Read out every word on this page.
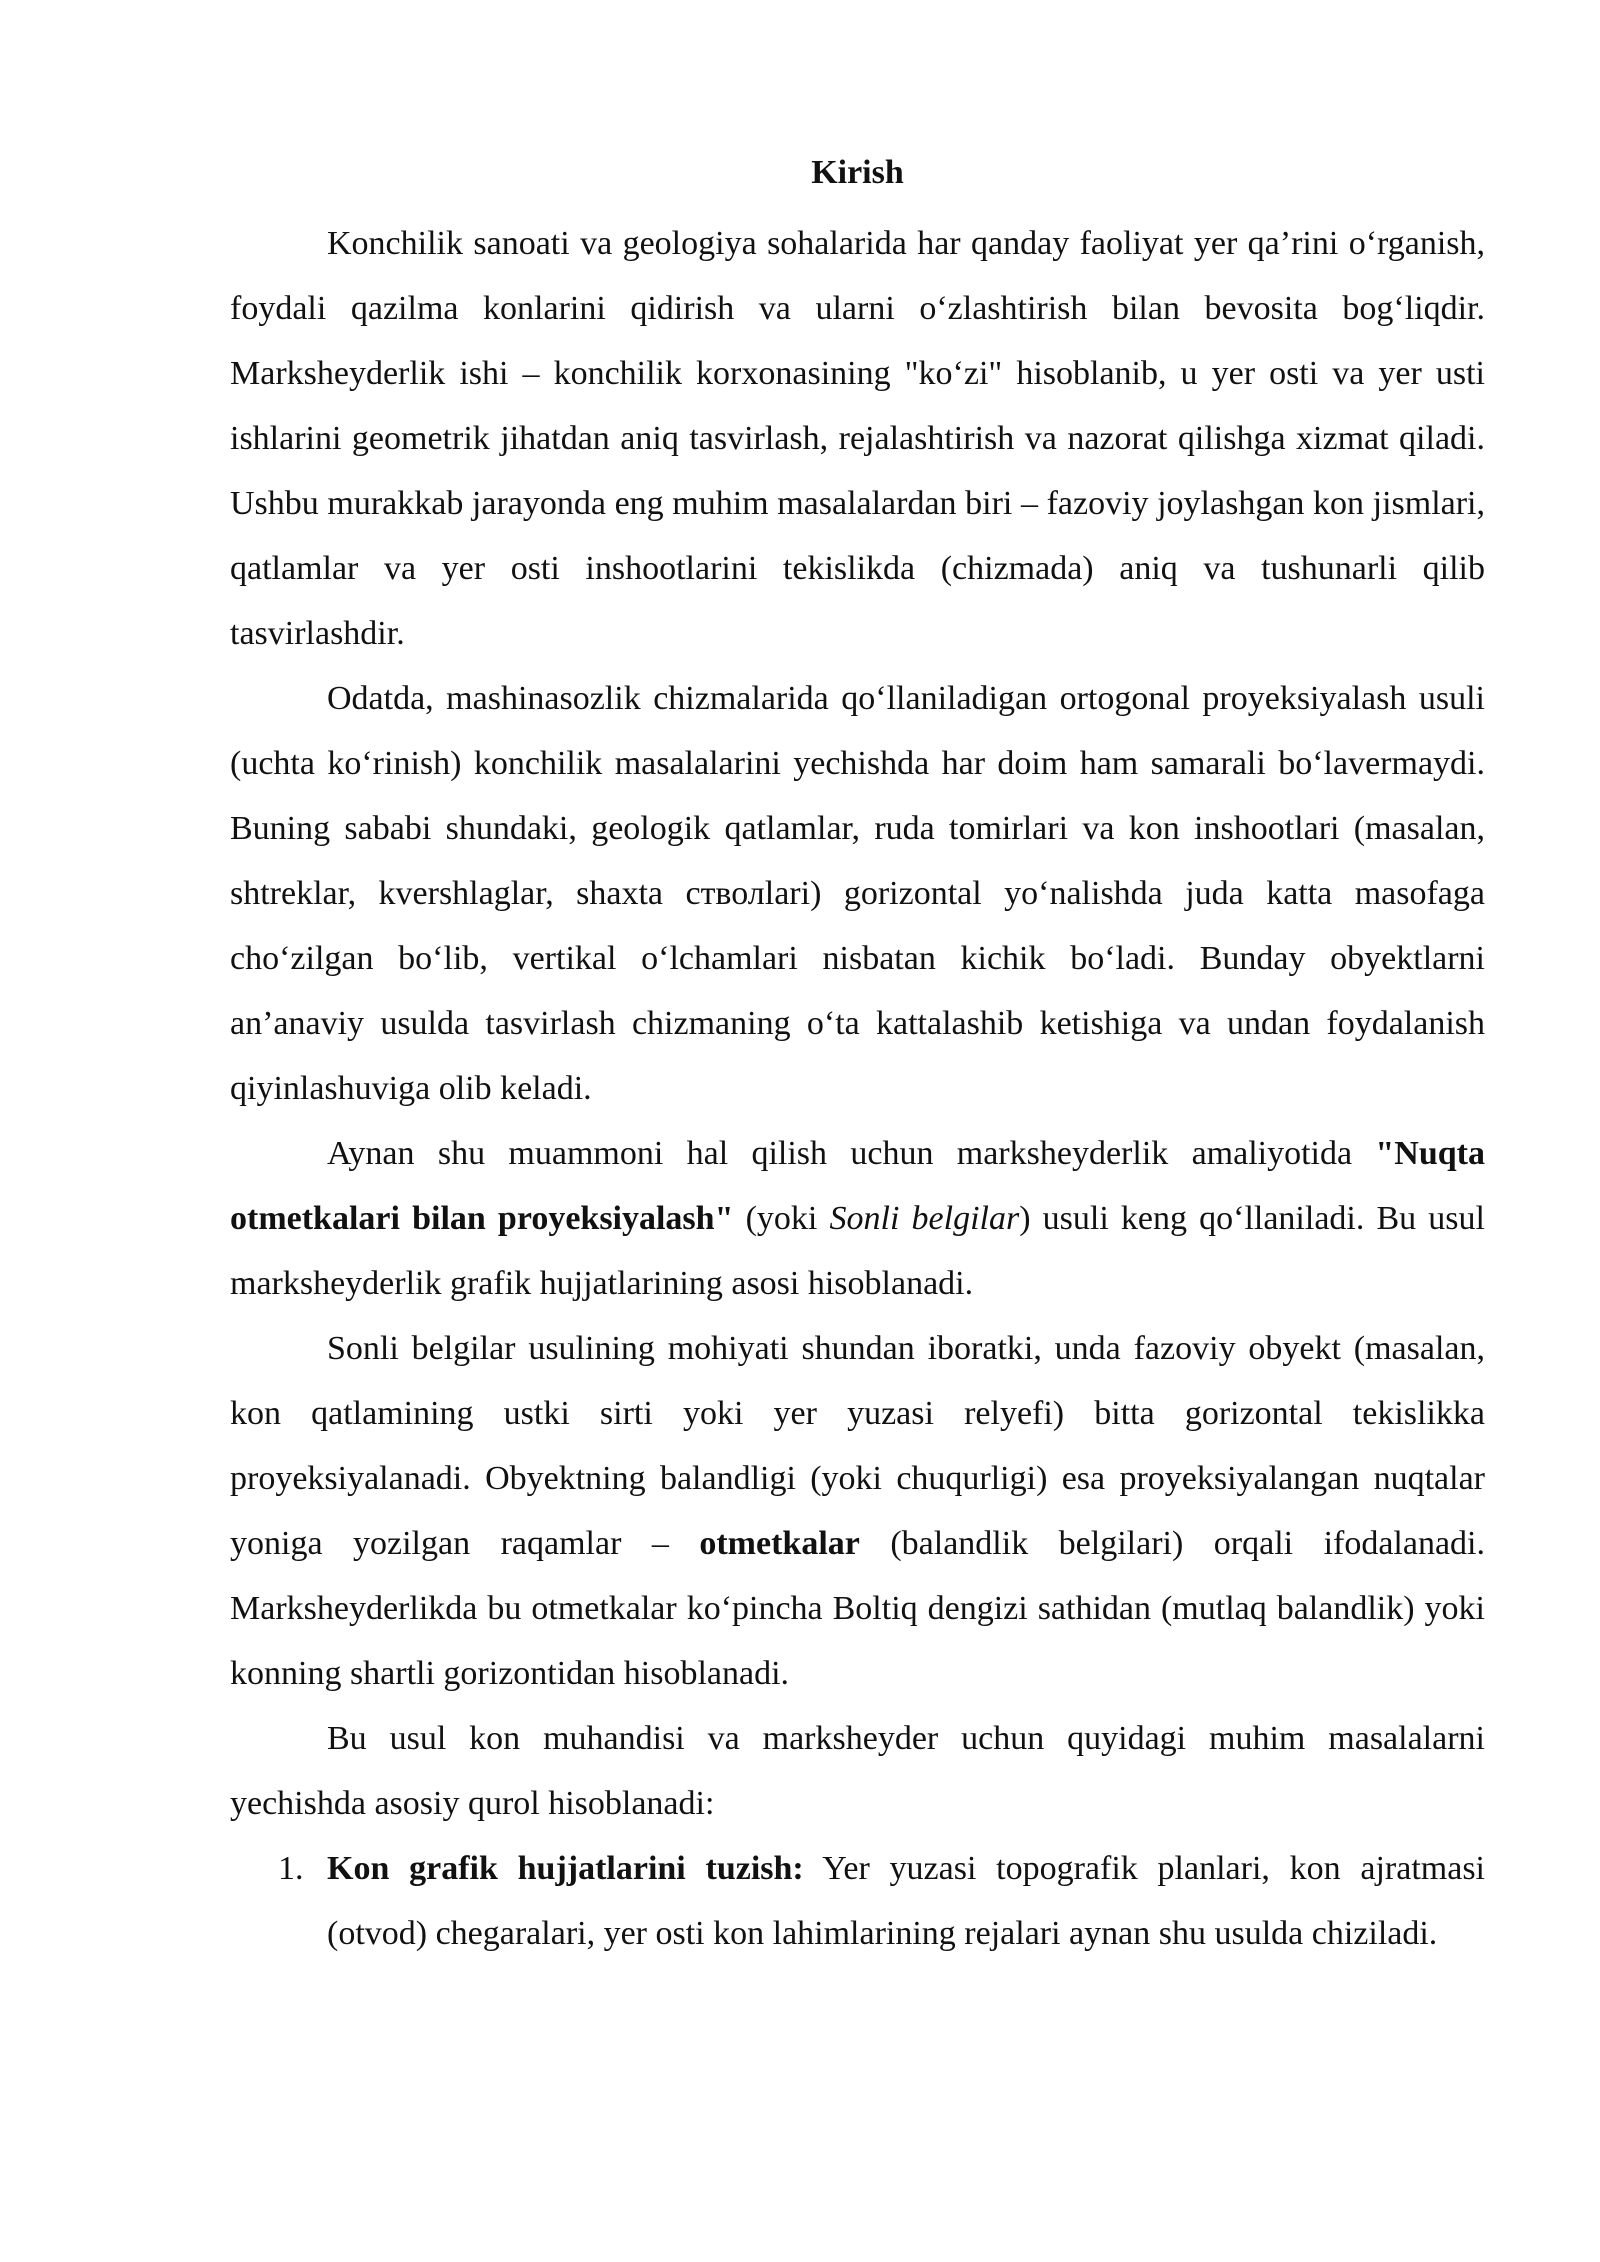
Kirish

Konchilik sanoati va geologiya sohalarida har qanday faoliyat yer qa’rini o‘rganish, foydali qazilma konlarini qidirish va ularni o‘zlashtirish bilan bevosita bog‘liqdir. Marksheyderlik ishi – konchilik korxonasining "ko‘zi" hisoblanib, u yer osti va yer usti ishlarini geometrik jihatdan aniq tasvirlash, rejalashtirish va nazorat qilishga xizmat qiladi. Ushbu murakkab jarayonda eng muhim masalalardan biri – fazoviy joylashgan kon jismlari, qatlamlar va yer osti inshootlarini tekislikda (chizmada) aniq va tushunarli qilib tasvirlashdir.

Odatda, mashinasozlik chizmalarida qo‘llaniladigan ortogonal proyeksiyalash usuli (uchta ko‘rinish) konchilik masalalarini yechishda har doim ham samarali bo‘lavermaydi. Buning sababi shundaki, geologik qatlamlar, ruda tomirlari va kon inshootlari (masalan, shtreklar, kvershlaglar, shaxta стволlari) gorizontal yo‘nalishda juda katta masofaga cho‘zilgan bo‘lib, vertikal o‘lchamlari nisbatan kichik bo‘ladi. Bunday obyektlarni an’anaviy usulda tasvirlash chizmaning o‘ta kattalashib ketishiga va undan foydalanish qiyinlashuviga olib keladi.

Aynan shu muammoni hal qilish uchun marksheyderlik amaliyotida "Nuqta otmetkalari bilan proyeksiyalash" (yoki Sonli belgilar) usuli keng qo‘llaniladi. Bu usul marksheyderlik grafik hujjatlarining asosi hisoblanadi.

Sonli belgilar usulining mohiyati shundan iboratki, unda fazoviy obyekt (masalan, kon qatlamining ustki sirti yoki yer yuzasi relyefi) bitta gorizontal tekislikka proyeksiyalanadi. Obyektning balandligi (yoki chuqurligi) esa proyeksiyalangan nuqtalar yoniga yozilgan raqamlar – otmetkalar (balandlik belgilari) orqali ifodalanadi. Marksheyderlikda bu otmetkalar ko‘pincha Boltiq dengizi sathidan (mutlaq balandlik) yoki konning shartli gorizontidan hisoblanadi.

Bu usul kon muhandisi va marksheyder uchun quyidagi muhim masalalarni yechishda asosiy qurol hisoblanadi:

1. Kon grafik hujjatlarini tuzish: Yer yuzasi topografik planlari, kon ajratmasi (otvod) chegaralari, yer osti kon lahimlarining rejalari aynan shu usulda chiziladi.
